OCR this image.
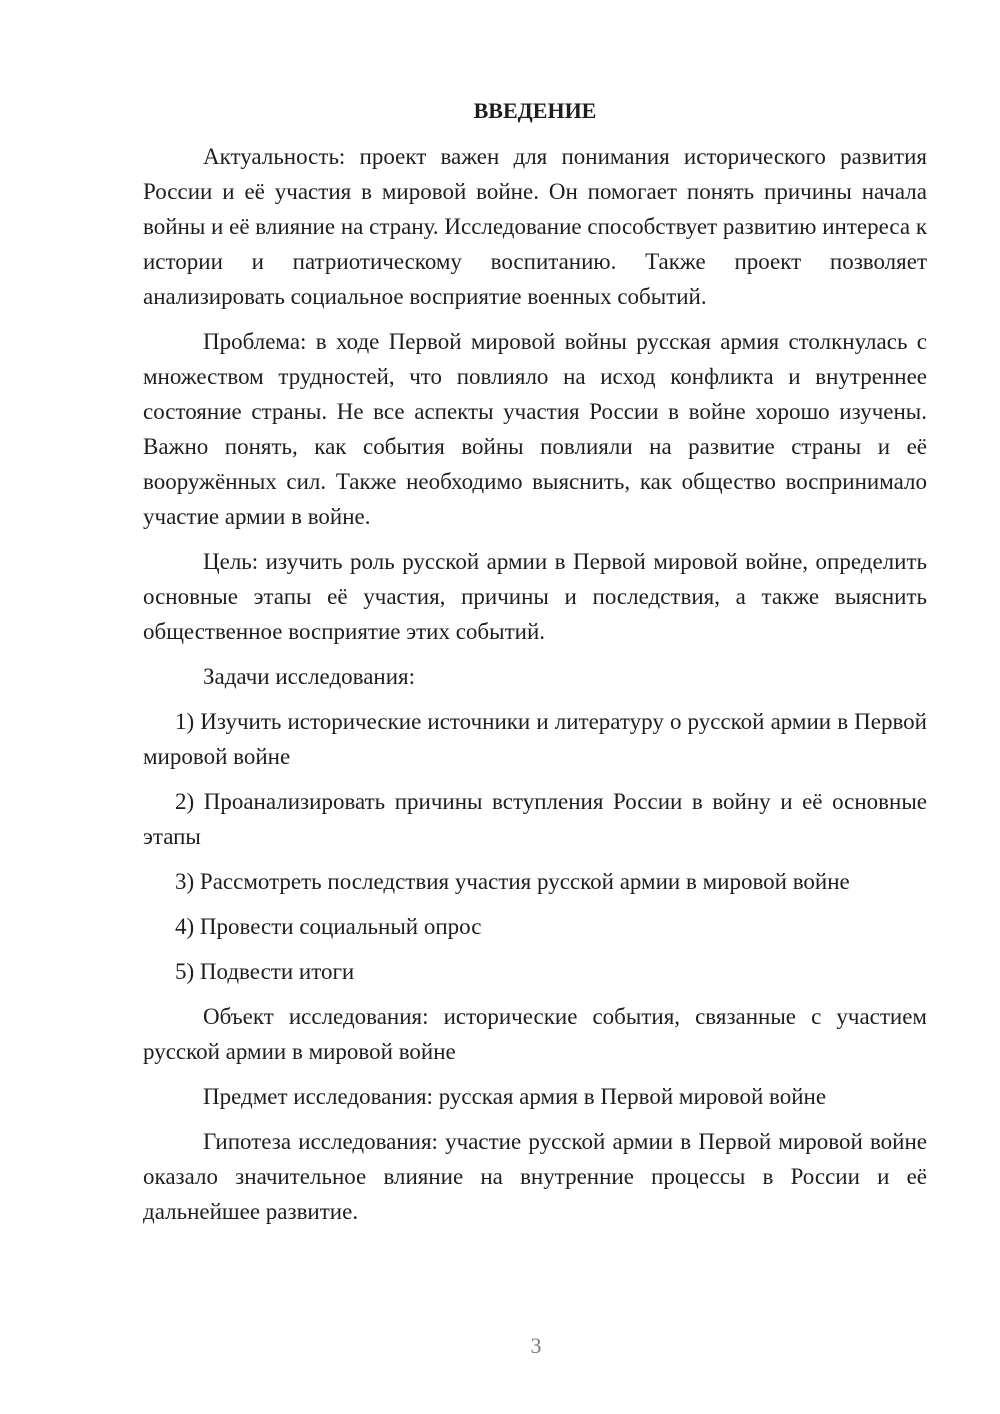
ВВЕДЕНИЕ

Актуальность: проект важен для понимания исторического развития России и её участия в мировой войне. Он помогает понять причины начала войны и её влияние на страну. Исследование способствует развитию интереса к истории и патриотическому воспитанию. Также проект позволяет анализировать социальное восприятие военных событий.

Проблема: в ходе Первой мировой войны русская армия столкнулась с множеством трудностей, что повлияло на исход конфликта и внутреннее состояние страны. Не все аспекты участия России в войне хорошо изучены. Важно понять, как события войны повлияли на развитие страны и её вооружённых сил. Также необходимо выяснить, как общество воспринимало участие армии в войне.

Цель: изучить роль русской армии в Первой мировой войне, определить основные этапы её участия, причины и последствия, а также выяснить общественное восприятие этих событий.

Задачи исследования:

1) Изучить исторические источники и литературу о русской армии в Первой мировой войне

2) Проанализировать причины вступления России в войну и её основные этапы

3) Рассмотреть последствия участия русской армии в мировой войне

4) Провести социальный опрос

5) Подвести итоги

Объект исследования: исторические события, связанные с участием русской армии в мировой войне

Предмет исследования: русская армия в Первой мировой войне

Гипотеза исследования: участие русской армии в Первой мировой войне оказало значительное влияние на внутренние процессы в России и её дальнейшее развитие.

3
